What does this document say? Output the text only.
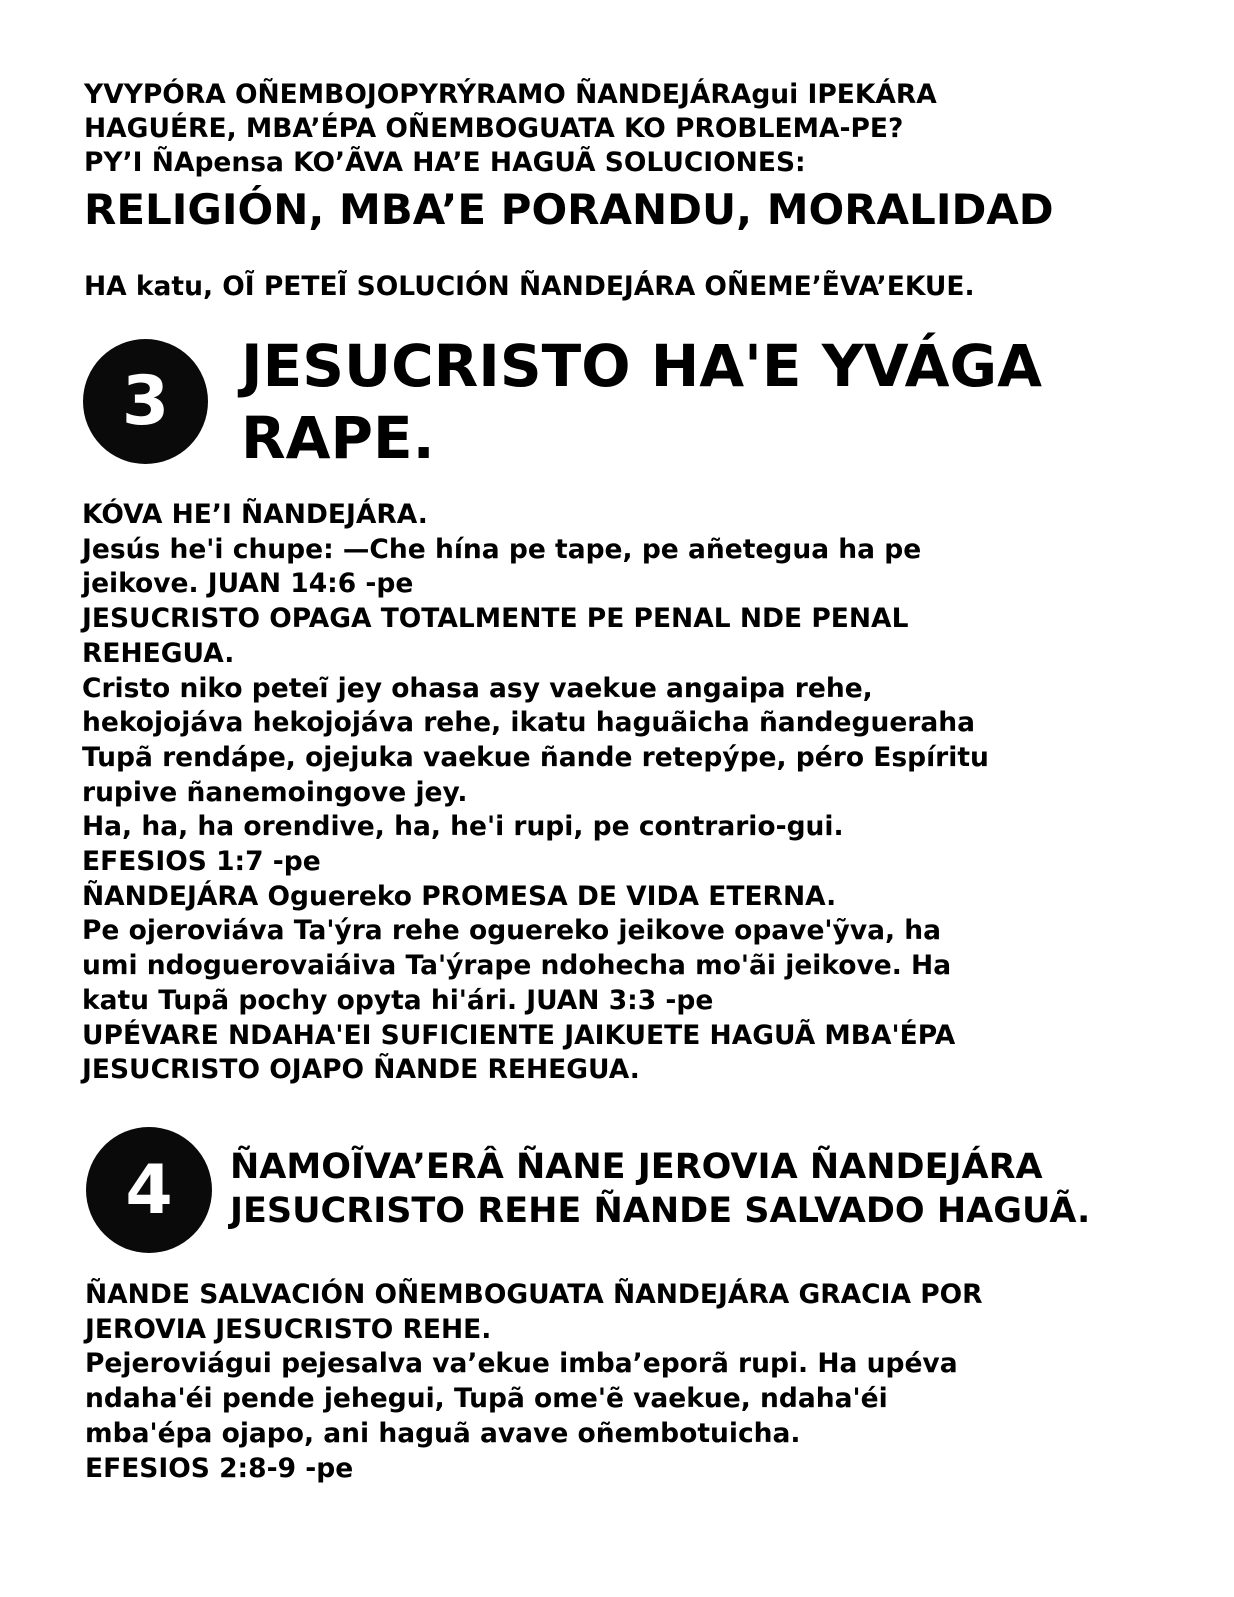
YVYPÓRA OÑEMBOJOPYRÝRAMO ÑANDEJÁRAgui IPEKÁRA
HAGUÉRE, MBA’ÉPA OÑEMBOGUATA KO PROBLEMA-PE?
PY’I ÑApensa KO’ÃVA HA’E HAGUÃ SOLUCIONES:
RELIGIÓN, MBA’E PORANDU, MORALIDAD
HA katu, OĨ PETEĨ SOLUCIÓN ÑANDEJÁRA OÑEME’ẼVA’EKUE.
3	JESUCRISTO HA'E YVÁGA
RAPE.
KÓVA HE’I ÑANDEJÁRA.
Jesús he'i chupe: —Che hína pe tape, pe añetegua ha pe
jeikove. JUAN 14:6 -pe
JESUCRISTO OPAGA TOTALMENTE PE PENAL NDE PENAL
REHEGUA.
Cristo niko peteĩ jey ohasa asy vaekue angaipa rehe,
hekojojáva hekojojáva rehe, ikatu haguãicha ñandegueraha
Tupã rendápe, ojejuka vaekue ñande retepýpe, péro Espíritu
rupive ñanemoingove jey.
Ha, ha, ha orendive, ha, he'i rupi, pe contrario-gui.
EFESIOS 1:7 -pe
ÑANDEJÁRA Oguereko PROMESA DE VIDA ETERNA.
Pe ojeroviáva Ta'ýra rehe oguereko jeikove opave'ỹva, ha
umi ndoguerovaiáiva Ta'ýrape ndohecha mo'ãi jeikove. Ha
katu Tupã pochy opyta hi'ári. JUAN 3:3 -pe
UPÉVARE NDAHA'EI SUFICIENTE JAIKUETE HAGUÃ MBA'ÉPA
JESUCRISTO OJAPO ÑANDE REHEGUA.
4	ÑAMOĨVA’ERÂ ÑANE JEROVIA ÑANDEJÁRA
JESUCRISTO REHE ÑANDE SALVADO HAGUÃ.
ÑANDE SALVACIÓN OÑEMBOGUATA ÑANDEJÁRA GRACIA POR
JEROVIA JESUCRISTO REHE.
Pejeroviágui pejesalva va’ekue imba’eporã rupi. Ha upéva
ndaha'éi pende jehegui, Tupã ome'ẽ vaekue, ndaha'éi
mba'épa ojapo, ani haguã avave oñembotuicha.
EFESIOS 2:8-9 -pe
